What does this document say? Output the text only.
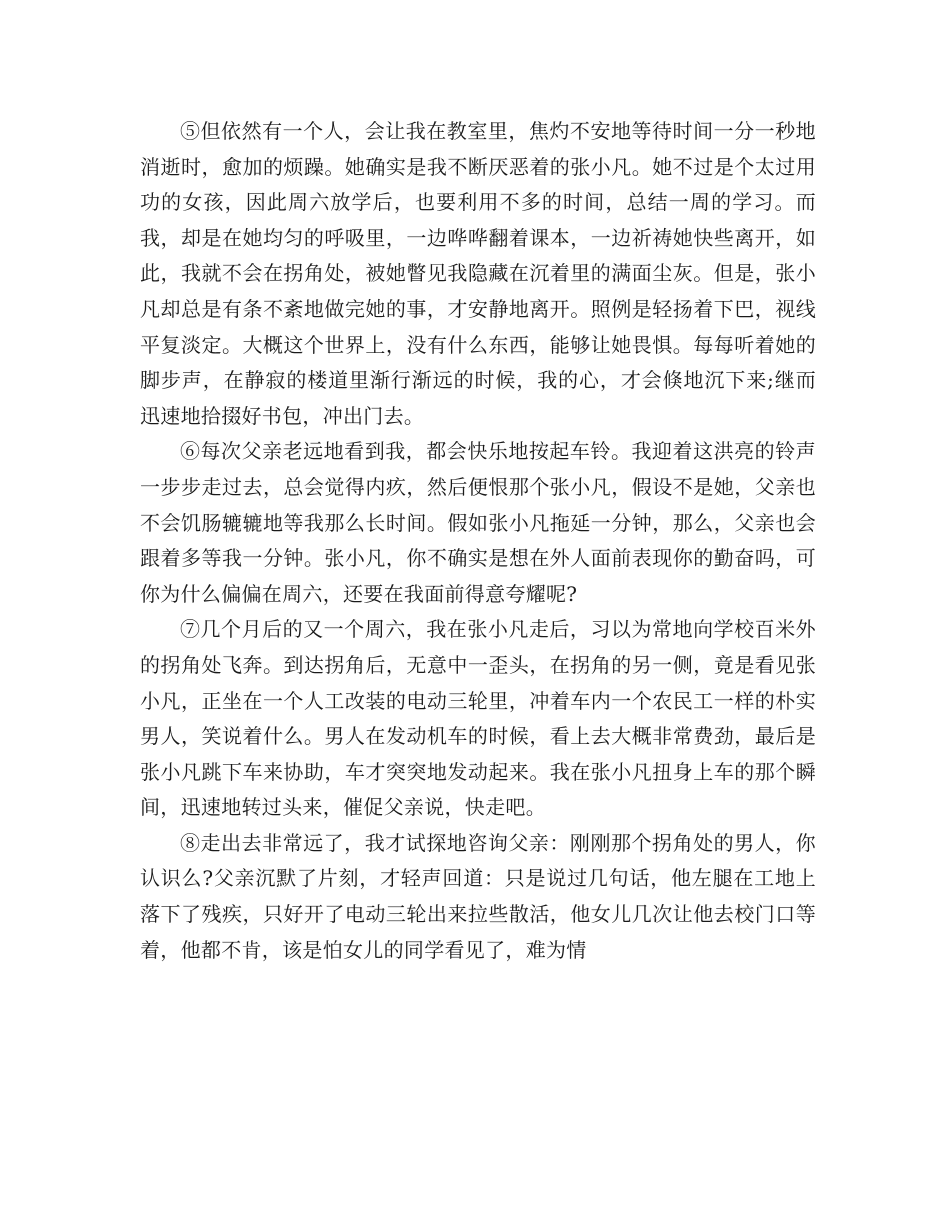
⑤但依然有一个人，会让我在教室里，焦灼不安地等待时间一分一秒地消逝时，愈加的烦躁。她确实是我不断厌恶着的张小凡。她不过是个太过用功的女孩，因此周六放学后，也要利用不多的时间，总结一周的学习。而我，却是在她均匀的呼吸里，一边哗哗翻着课本，一边祈祷她快些离开，如此，我就不会在拐角处，被她瞥见我隐藏在沉着里的满面尘灰。但是，张小凡却总是有条不紊地做完她的事，才安静地离开。照例是轻扬着下巴，视线平复淡定。大概这个世界上，没有什么东西，能够让她畏惧。每每听着她的脚步声，在静寂的楼道里渐行渐远的时候，我的心，才会倏地沉下来;继而迅速地拾掇好书包，冲出门去。

⑥每次父亲老远地看到我，都会快乐地按起车铃。我迎着这洪亮的铃声一步步走过去，总会觉得内疚，然后便恨那个张小凡，假设不是她，父亲也不会饥肠辘辘地等我那么长时间。假如张小凡拖延一分钟，那么，父亲也会跟着多等我一分钟。张小凡，你不确实是想在外人面前表现你的勤奋吗，可你为什么偏偏在周六，还要在我面前得意夸耀呢?

⑦几个月后的又一个周六，我在张小凡走后，习以为常地向学校百米外的拐角处飞奔。到达拐角后，无意中一歪头，在拐角的另一侧，竟是看见张小凡，正坐在一个人工改装的电动三轮里，冲着车内一个农民工一样的朴实男人，笑说着什么。男人在发动机车的时候，看上去大概非常费劲，最后是张小凡跳下车来协助，车才突突地发动起来。我在张小凡扭身上车的那个瞬间，迅速地转过头来，催促父亲说，快走吧。

⑧走出去非常远了，我才试探地咨询父亲：刚刚那个拐角处的男人，你认识么?父亲沉默了片刻，才轻声回道：只是说过几句话，他左腿在工地上落下了残疾，只好开了电动三轮出来拉些散活，他女儿几次让他去校门口等着，他都不肯，该是怕女儿的同学看见了，难为情
